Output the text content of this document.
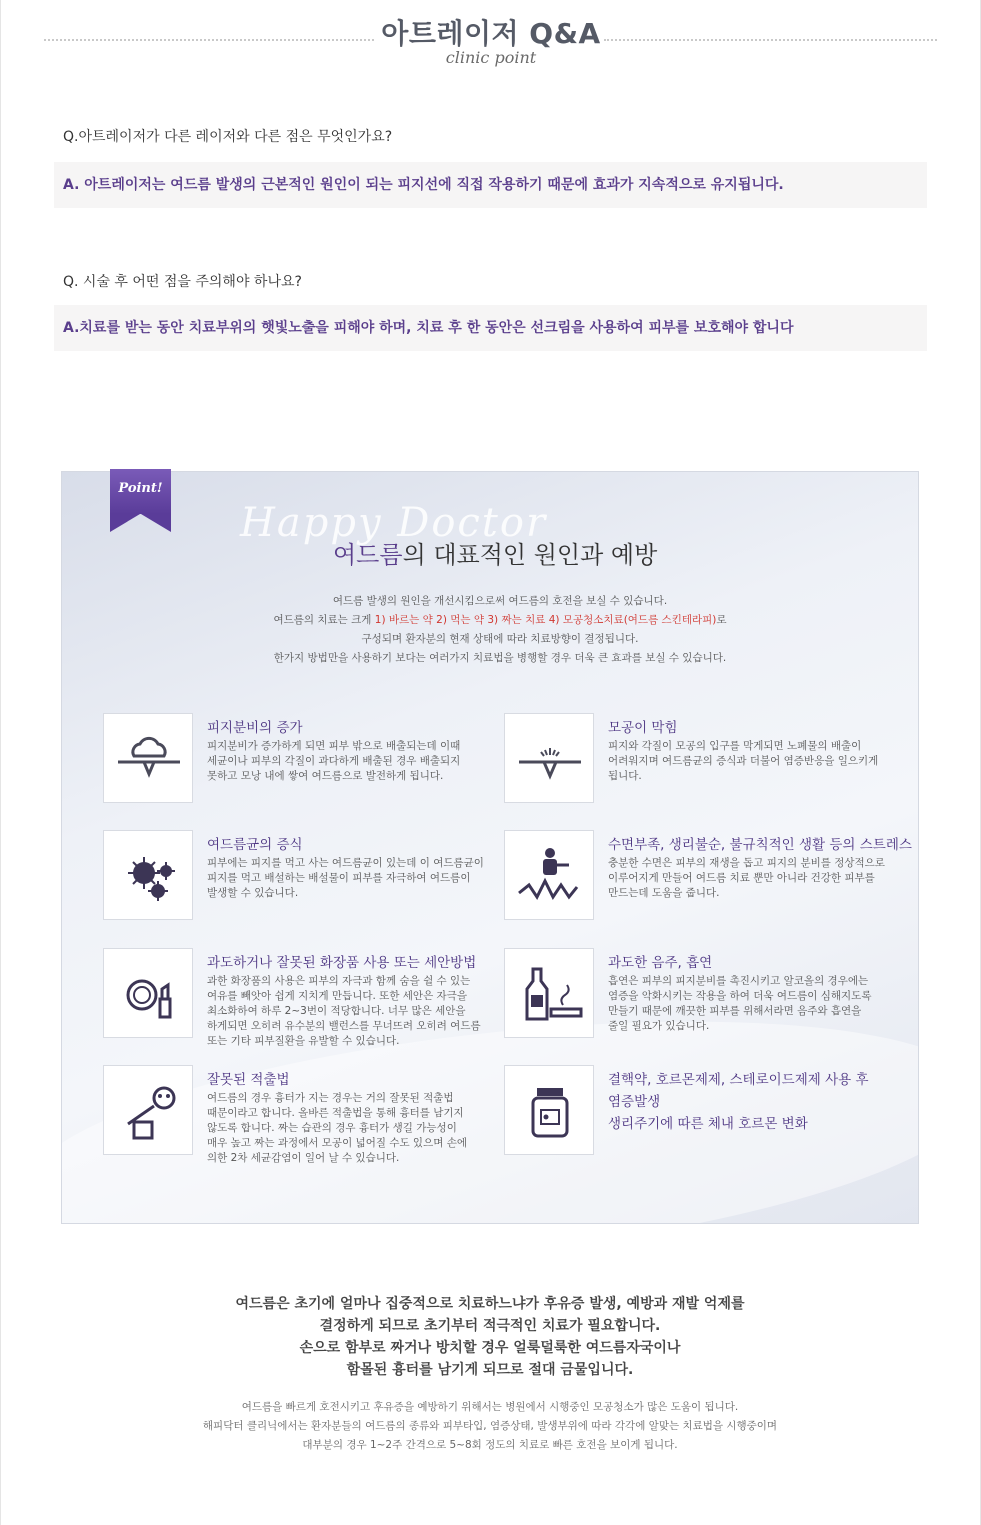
아트레이저 Q&A
clinic point
Q.아트레이저가 다른 레이저와 다른 점은 무엇인가요?
A. 아트레이저는 여드름 발생의 근본적인 원인이 되는 피지선에 직접 작용하기 때문에 효과가 지속적으로 유지됩니다.
Q. 시술 후 어떤 점을 주의해야 하나요?
A.치료를 받는 동안 치료부위의 햇빛노출을 피해야 하며, 치료 후 한 동안은 선크림을 사용하여 피부를 보호해야 합니다
Point!
Happy Doctor
여드름의 대표적인 원인과 예방
여드름 발생의 원인을 개선시킴으로써 여드름의 호전을 보실 수 있습니다.
여드름의 치료는 크게 1) 바르는 약 2) 먹는 약 3) 짜는 치료 4) 모공청소치료(여드름 스킨테라피)로
구성되며 환자분의 현재 상태에 따라 치료방향이 결정됩니다.
한가지 방법만을 사용하기 보다는 여러가지 치료법을 병행할 경우 더욱 큰 효과를 보실 수 있습니다.
피지분비의 증가
피지분비가 증가하게 되면 피부 밖으로 배출되는데 이때
세균이나 피부의 각질이 과다하게 배출된 경우 배출되지
못하고 모낭 내에 쌓여 여드름으로 발전하게 됩니다.
모공이 막힘
피지와 각질이 모공의 입구를 막게되면 노폐물의 배출이
어려워지며 여드름균의 증식과 더불어 염증반응을 일으키게
됩니다.
여드름균의 증식
피부에는 피지를 먹고 사는 여드름균이 있는데 이 여드름균이
피지를 먹고 배설하는 배설물이 피부를 자극하여 여드름이
발생할 수 있습니다.
수면부족, 생리불순, 불규칙적인 생활 등의 스트레스
충분한 수면은 피부의 재생을 돕고 피지의 분비를 정상적으로
이루어지게 만들어 여드름 치료 뿐만 아니라 건강한 피부를
만드는데 도움을 줍니다.
과도하거나 잘못된 화장품 사용 또는 세안방법
과한 화장품의 사용은 피부의 자극과 함께 숨을 쉴 수 있는
여유를 빼앗아 쉽게 지치게 만듭니다. 또한 세안은 자극을
최소화하여 하루 2~3번이 적당합니다. 너무 많은 세안을
하게되면 오히려 유수분의 밸런스를 무너뜨려 오히려 여드름
또는 기타 피부질환을 유발할 수 있습니다.
과도한 음주, 흡연
흡연은 피부의 피지분비를 촉진시키고 알코올의 경우에는
염증을 악화시키는 작용을 하여 더욱 여드름이 심해지도록
만들기 때문에 깨끗한 피부를 위해서라면 음주와 흡연을
줄일 필요가 있습니다.
잘못된 적출법
여드름의 경우 흉터가 지는 경우는 거의 잘못된 적출법
때문이라고 합니다. 올바른 적출법을 통해 흉터를 남기지
않도록 합니다. 짜는 습관의 경우 흉터가 생길 가능성이
매우 높고 짜는 과정에서 모공이 넓어질 수도 있으며 손에
의한 2차 세균감염이 일어 날 수 있습니다.
결핵약, 호르몬제제, 스테로이드제제 사용 후
염증발생
생리주기에 따른 체내 호르몬 변화
여드름은 초기에 얼마나 집중적으로 치료하느냐가 후유증 발생, 예방과 재발 억제를
결정하게 되므로 초기부터 적극적인 치료가 필요합니다.
손으로 함부로 짜거나 방치할 경우 얼룩덜룩한 여드름자국이나
함몰된 흉터를 남기게 되므로 절대 금물입니다.
여드름을 빠르게 호전시키고 후유증을 예방하기 위해서는 병원에서 시행중인 모공청소가 많은 도움이 됩니다.
해피닥터 클리닉에서는 환자분들의 여드름의 종류와 피부타입, 염증상태, 발생부위에 따라 각각에 알맞는 치료법을 시행중이며
대부분의 경우 1~2주 간격으로 5~8회 정도의 치료로 빠른 호전을 보이게 됩니다.
